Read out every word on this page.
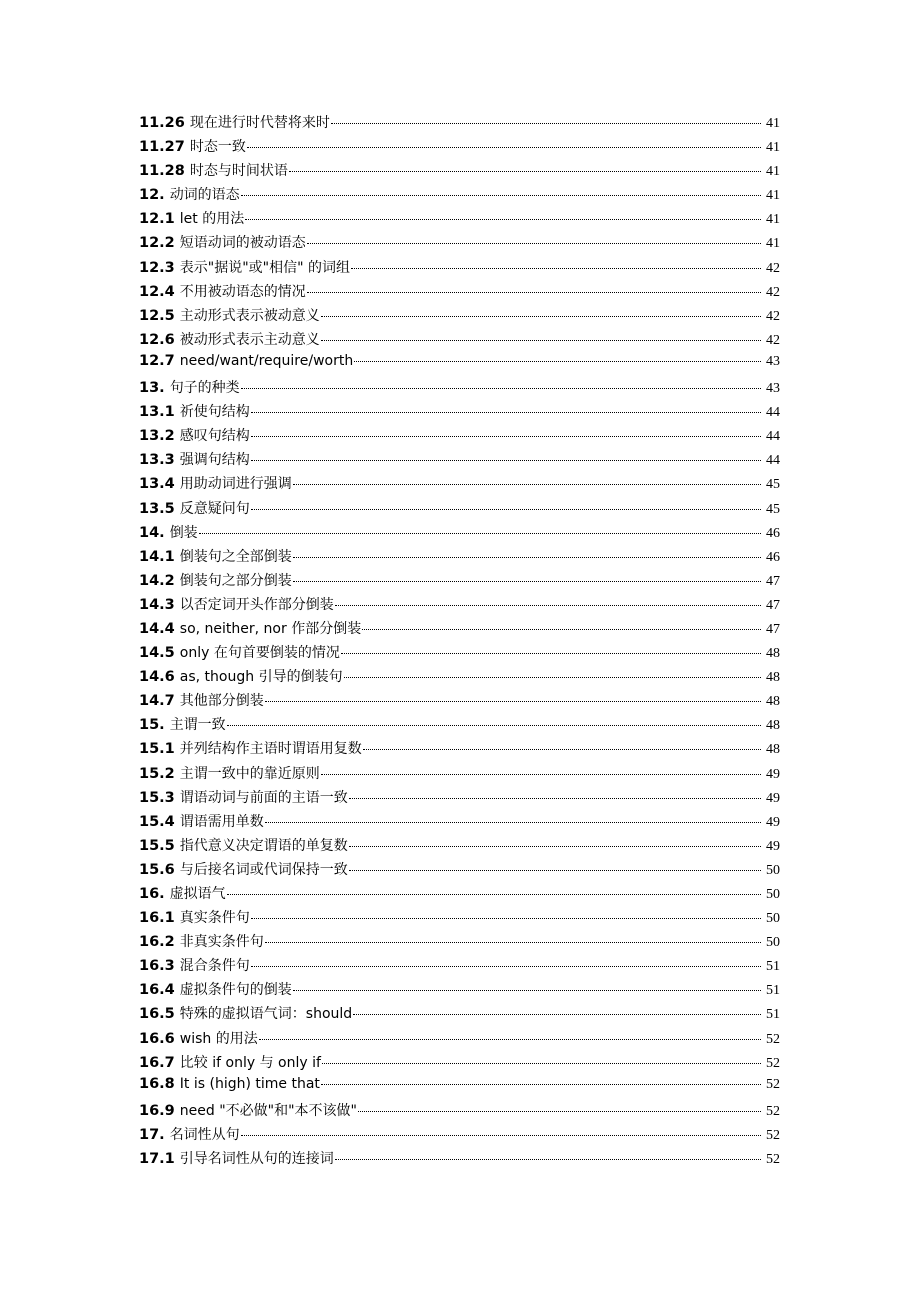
11.26 现在进行时代替将来时	41
11.27 时态一致	41
11.28 时态与时间状语	41
12. 动词的语态	41
12.1 let 的用法	41
12.2 短语动词的被动语态	41
12.3 表示"据说"或"相信" 的词组	42
12.4 不用被动语态的情况	42
12.5 主动形式表示被动意义	42
12.6 被动形式表示主动意义	42
12.7 need/want/require/worth	43
13. 句子的种类	43
13.1 祈使句结构	44
13.2 感叹句结构	44
13.3 强调句结构	44
13.4 用助动词进行强调	45
13.5 反意疑问句	45
14. 倒装	46
14.1 倒装句之全部倒装	46
14.2 倒装句之部分倒装	47
14.3 以否定词开头作部分倒装	47
14.4 so, neither, nor 作部分倒装	47
14.5 only 在句首要倒装的情况	48
14.6 as, though 引导的倒装句	48
14.7 其他部分倒装	48
15. 主谓一致	48
15.1 并列结构作主语时谓语用复数	48
15.2 主谓一致中的靠近原则	49
15.3 谓语动词与前面的主语一致	49
15.4 谓语需用单数	49
15.5 指代意义决定谓语的单复数	49
15.6 与后接名词或代词保持一致	50
16. 虚拟语气	50
16.1 真实条件句	50
16.2 非真实条件句	50
16.3 混合条件句	51
16.4 虚拟条件句的倒装	51
16.5 特殊的虚拟语气词：should	51
16.6 wish 的用法	52
16.7 比较 if only 与 only if	52
16.8 It is (high) time that	52
16.9 need "不必做"和"本不该做"	52
17. 名词性从句	52
17.1 引导名词性从句的连接词	52
